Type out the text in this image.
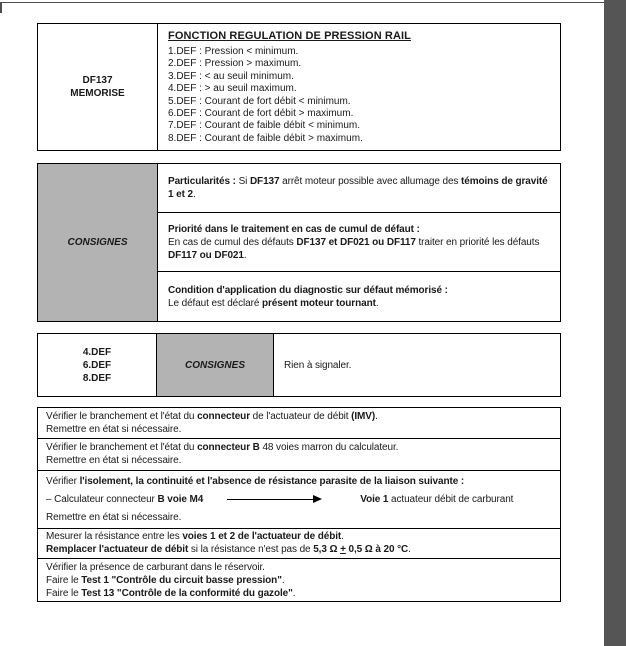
DF137
MEMORISE
FONCTION REGULATION DE PRESSION RAIL
1.DEF : Pression < minimum.
2.DEF : Pression > maximum.
3.DEF : < au seuil minimum.
4.DEF : > au seuil maximum.
5.DEF : Courant de fort débit < minimum.
6.DEF : Courant de fort débit > maximum.
7.DEF : Courant de faible débit < minimum.
8.DEF : Courant de faible débit > maximum.
CONSIGNES
Particularités : Si DF137 arrêt moteur possible avec allumage des témoins de gravité
1 et 2.
Priorité dans le traitement en cas de cumul de défaut :
En cas de cumul des défauts DF137 et DF021 ou DF117 traiter en priorité les défauts
DF117 ou DF021.
Condition d'application du diagnostic sur défaut mémorisé :
Le défaut est déclaré présent moteur tournant.
4.DEF
6.DEF
8.DEF
CONSIGNES	Rien à signaler.
Vérifier le branchement et l'état du connecteur de l'actuateur de débit (IMV).
Remettre en état si nécessaire.
Vérifier le branchement et l'état du connecteur B 48 voies marron du calculateur.
Remettre en état si nécessaire.
Vérifier l'isolement, la continuité et l'absence de résistance parasite de la liaison suivante :
– Calculateur connecteur B voie M4	Voie 1 actuateur débit de carburant
Remettre en état si nécessaire.
Mesurer la résistance entre les voies 1 et 2 de l'actuateur de débit.
Remplacer l'actuateur de débit si la résistance n'est pas de 5,3 Ω + 0,5 Ω à 20 °C.
Vérifier la présence de carburant dans le réservoir.
Faire le Test 1 "Contrôle du circuit basse pression".
Faire le Test 13 "Contrôle de la conformité du gazole".
